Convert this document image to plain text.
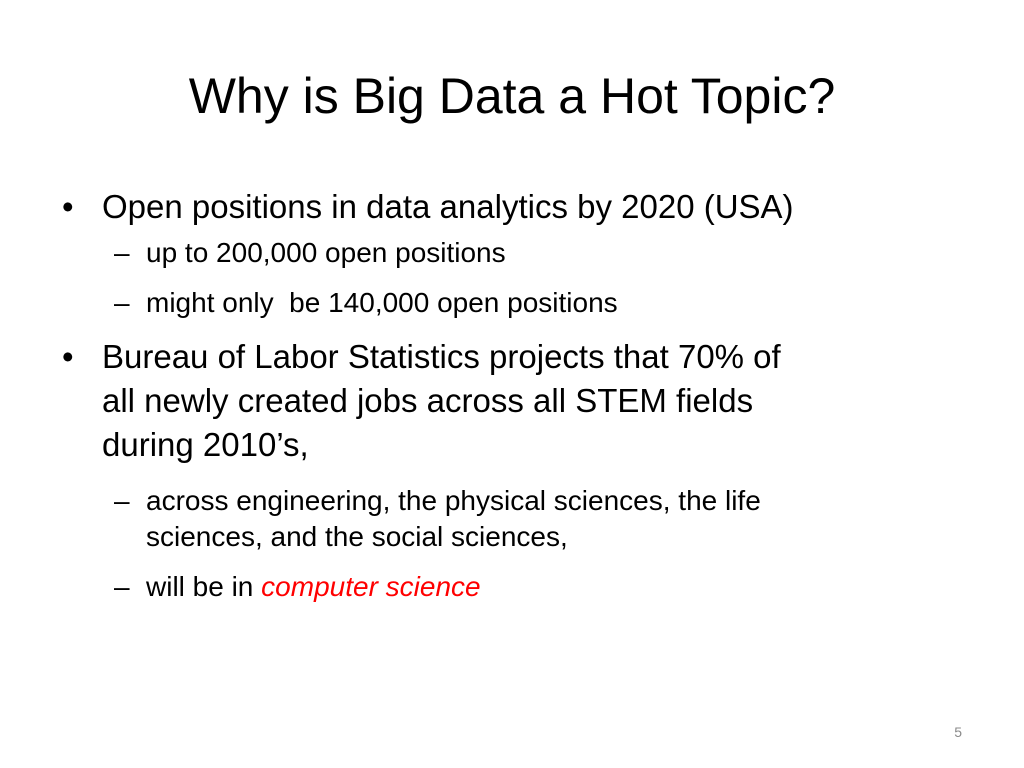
Why is Big Data a Hot Topic?
• Open positions in data analytics by 2020 (USA)
– up to 200,000 open positions
– might only  be 140,000 open positions
• Bureau of Labor Statistics projects that 70% of
all newly created jobs across all STEM fields
during 2010’s,
– across engineering, the physical sciences, the life
sciences, and the social sciences,
– will be in computer science
5
